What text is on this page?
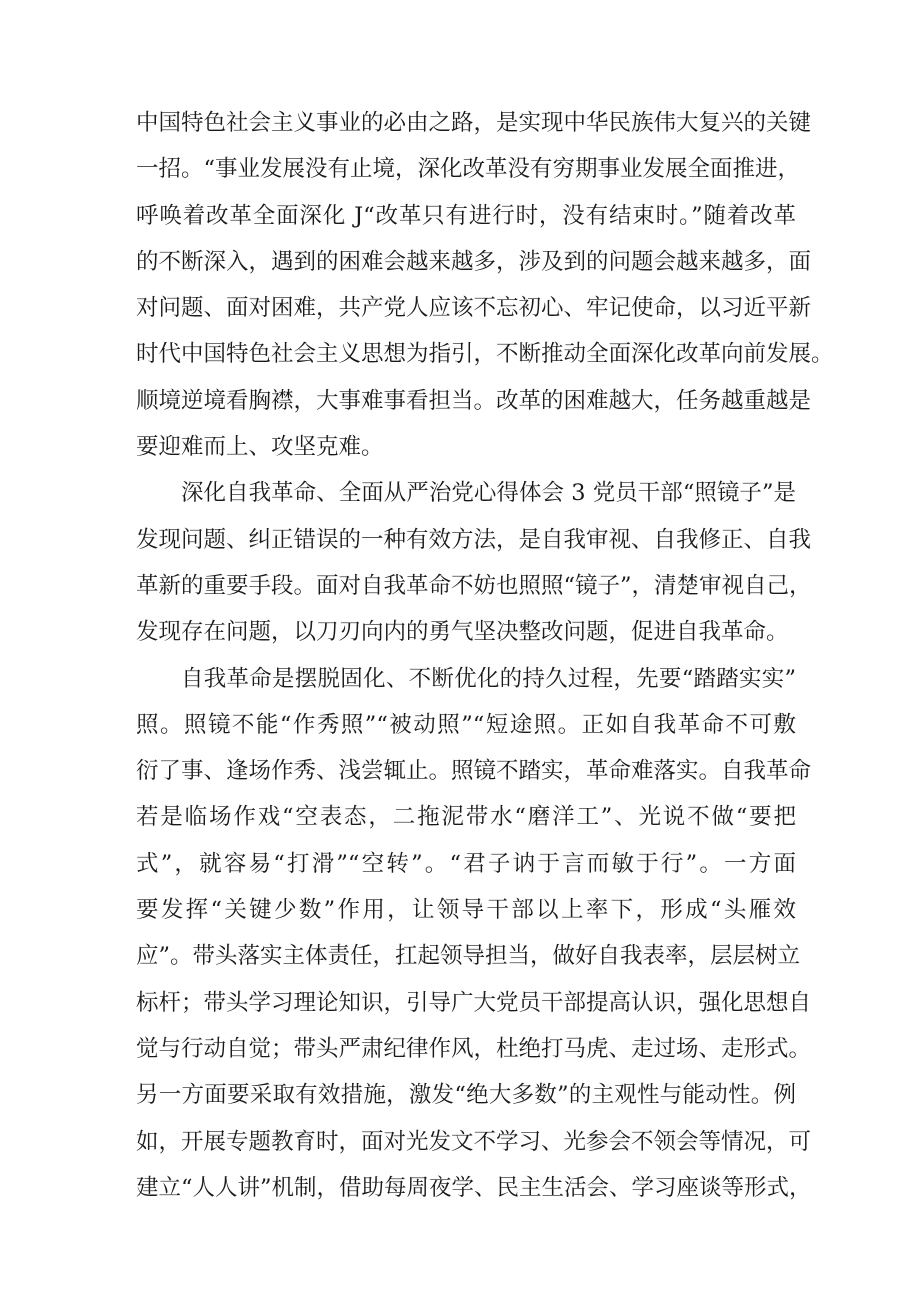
中国特色社会主义事业的必由之路，是实现中华民族伟大复兴的关键
一招。“事业发展没有止境，深化改革没有穷期事业发展全面推进，
呼唤着改革全面深化 J“改革只有进行时，没有结束时。”随着改革
的不断深入，遇到的困难会越来越多，涉及到的问题会越来越多，面
对问题、面对困难，共产党人应该不忘初心、牢记使命，以习近平新
时代中国特色社会主义思想为指引，不断推动全面深化改革向前发展。
顺境逆境看胸襟，大事难事看担当。改革的困难越大，任务越重越是
要迎难而上、攻坚克难。
深化自我革命、全面从严治党心得体会 3 党员干部“照镜子”是
发现问题、纠正错误的一种有效方法，是自我审视、自我修正、自我
革新的重要手段。面对自我革命不妨也照照“镜子”，清楚审视自己，
发现存在问题，以刀刃向内的勇气坚决整改问题，促进自我革命。
自我革命是摆脱固化、不断优化的持久过程，先要“踏踏实实”
照。照镜不能“作秀照”“被动照”“短途照。正如自我革命不可敷
衍了事、逢场作秀、浅尝辄止。照镜不踏实，革命难落实。自我革命
若是临场作戏“空表态，二拖泥带水“磨洋工”、光说不做“要把
式”，就容易“打滑”“空转”。“君子讷于言而敏于行”。一方面
要发挥“关键少数”作用，让领导干部以上率下，形成“头雁效
应”。带头落实主体责任，扛起领导担当，做好自我表率，层层树立
标杆；带头学习理论知识，引导广大党员干部提高认识，强化思想自
觉与行动自觉；带头严肃纪律作风，杜绝打马虎、走过场、走形式。
另一方面要采取有效措施，激发“绝大多数”的主观性与能动性。例
如，开展专题教育时，面对光发文不学习、光参会不领会等情况，可
建立“人人讲”机制，借助每周夜学、民主生活会、学习座谈等形式，
